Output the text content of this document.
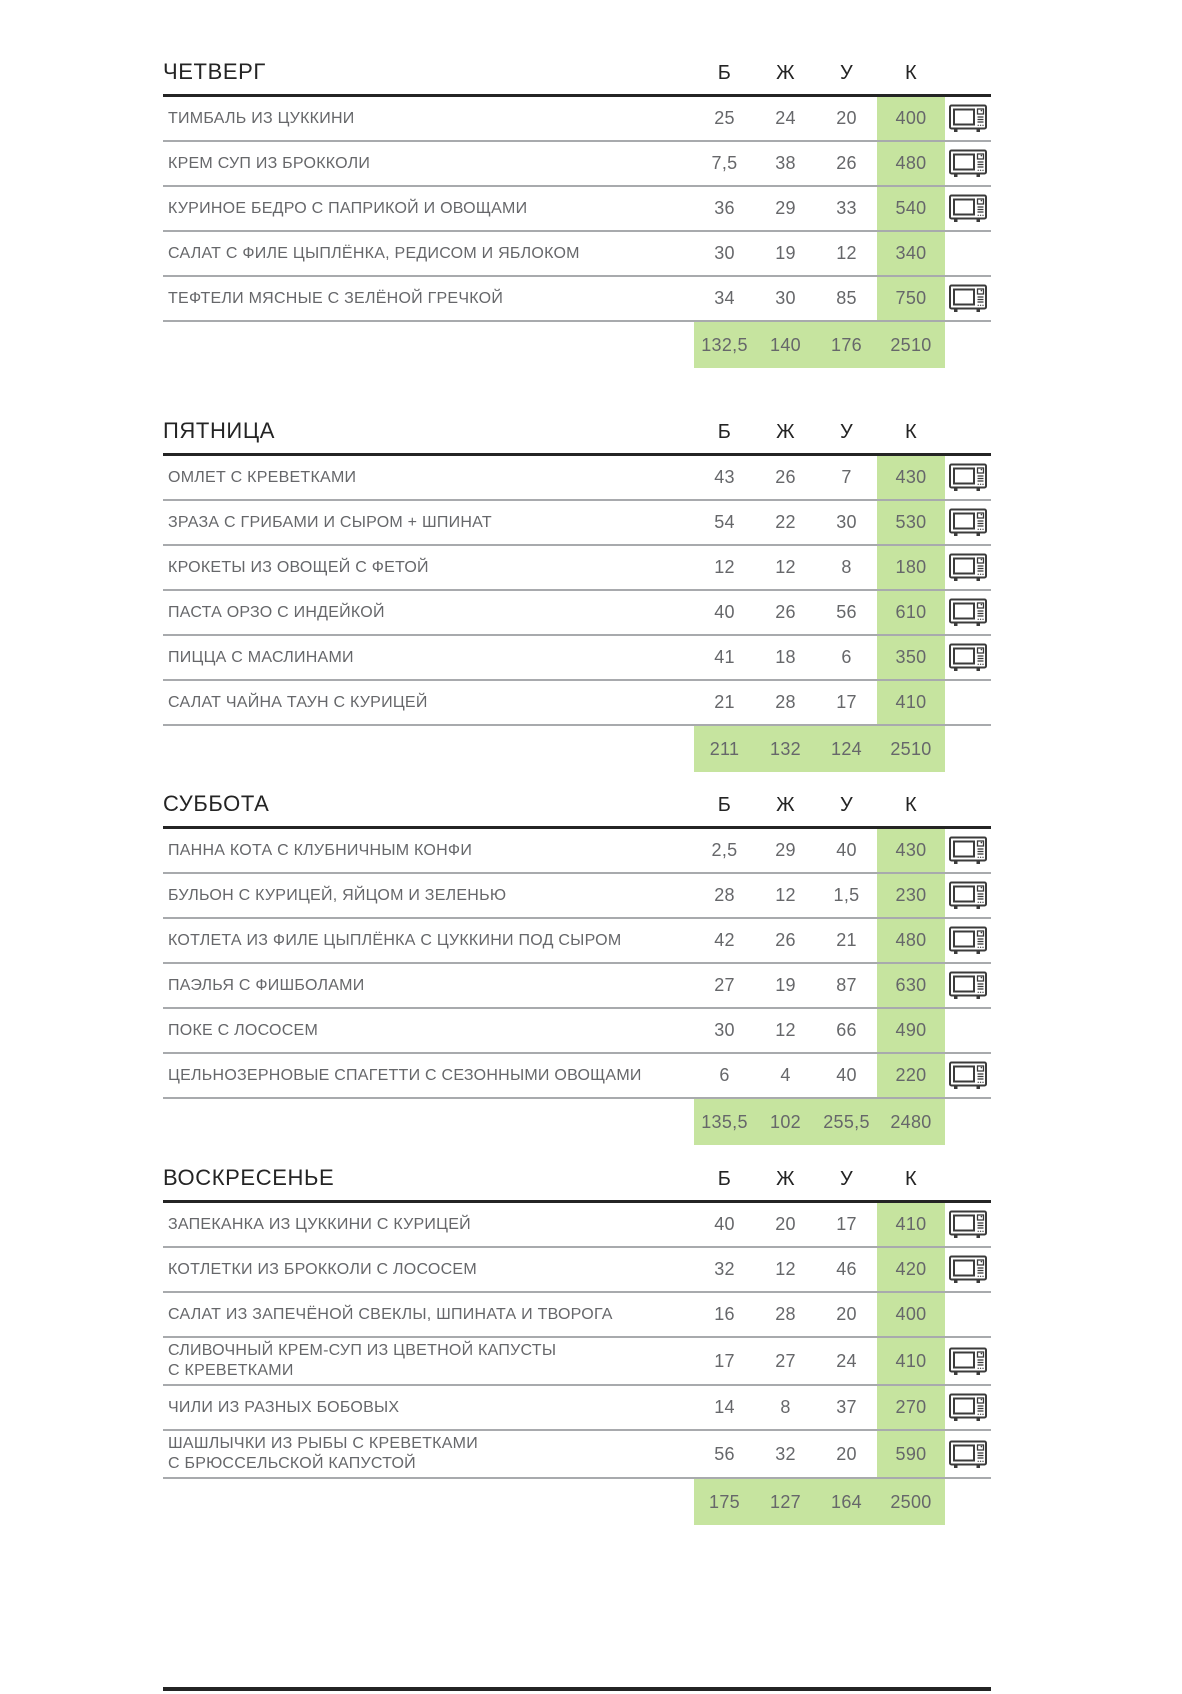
ЧЕТВЕРГ	Б	Ж	У	К
ТИМБАЛЬ ИЗ ЦУККИНИ	25	24	20	400
КРЕМ СУП ИЗ БРОККОЛИ	7,5	38	26	480
КУРИНОЕ БЕДРО С ПАПРИКОЙ И ОВОЩАМИ	36	29	33	540
САЛАТ С ФИЛЕ ЦЫПЛЁНКА, РЕДИСОМ И ЯБЛОКОМ	30	19	12	340
ТЕФТЕЛИ МЯСНЫЕ С ЗЕЛЁНОЙ ГРЕЧКОЙ	34	30	85	750
132,5	140	176	2510
ПЯТНИЦА	Б	Ж	У	К
ОМЛЕТ С КРЕВЕТКАМИ	43	26	7	430
ЗРАЗА С ГРИБАМИ И СЫРОМ + ШПИНАТ	54	22	30	530
КРОКЕТЫ ИЗ ОВОЩЕЙ С ФЕТОЙ	12	12	8	180
ПАСТА ОРЗО С ИНДЕЙКОЙ	40	26	56	610
ПИЦЦА С МАСЛИНАМИ	41	18	6	350
САЛАТ ЧАЙНА ТАУН С КУРИЦЕЙ	21	28	17	410
211	132	124	2510
СУББОТА	Б	Ж	У	К
ПАННА КОТА С КЛУБНИЧНЫМ КОНФИ	2,5	29	40	430
БУЛЬОН С КУРИЦЕЙ, ЯЙЦОМ И ЗЕЛЕНЬЮ	28	12	1,5	230
КОТЛЕТА ИЗ ФИЛЕ ЦЫПЛЁНКА С ЦУККИНИ ПОД СЫРОМ	42	26	21	480
ПАЭЛЬЯ С ФИШБОЛАМИ	27	19	87	630
ПОКЕ С ЛОСОСЕМ	30	12	66	490
ЦЕЛЬНОЗЕРНОВЫЕ СПАГЕТТИ С СЕЗОННЫМИ ОВОЩАМИ	6	4	40	220
135,5	102	255,5	2480
ВОСКРЕСЕНЬЕ	Б	Ж	У	К
ЗАПЕКАНКА ИЗ ЦУККИНИ С КУРИЦЕЙ	40	20	17	410
КОТЛЕТКИ ИЗ БРОККОЛИ С ЛОСОСЕМ	32	12	46	420
САЛАТ ИЗ ЗАПЕЧЁНОЙ СВЕКЛЫ, ШПИНАТА И ТВОРОГА	16	28	20	400
СЛИВОЧНЫЙ КРЕМ-СУП ИЗ ЦВЕТНОЙ КАПУСТЫ
С КРЕВЕТКАМИ	17	27	24	410
ЧИЛИ ИЗ РАЗНЫХ БОБОВЫХ	14	8	37	270
ШАШЛЫЧКИ ИЗ РЫБЫ С КРЕВЕТКАМИ
С БРЮССЕЛЬСКОЙ КАПУСТОЙ	56	32	20	590
175	127	164	2500
